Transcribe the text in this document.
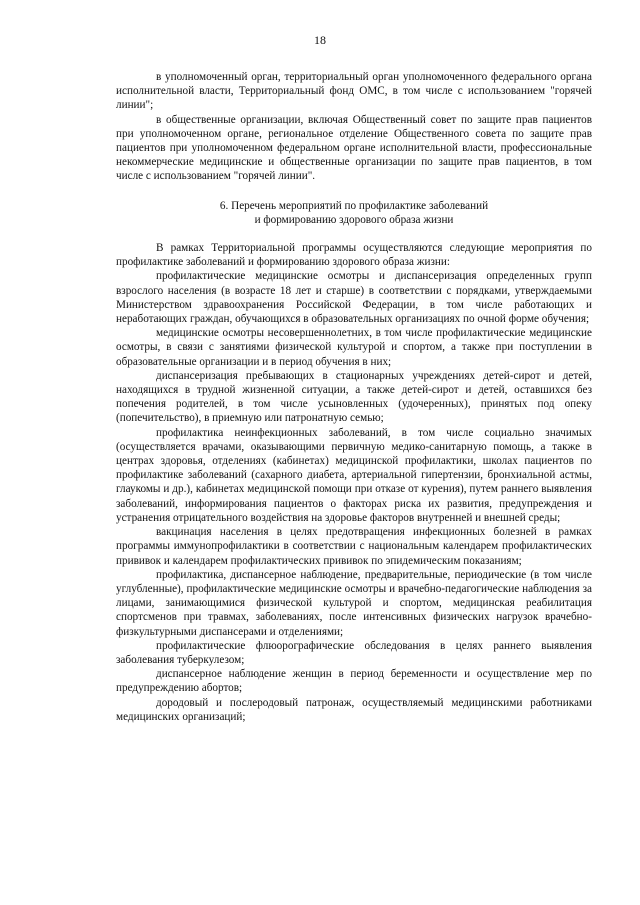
18

в уполномоченный орган, территориальный орган уполномоченного федерального органа исполнительной власти, Территориальный фонд ОМС, в том числе с использованием "горячей линии";

в общественные организации, включая Общественный совет по защите прав пациентов при уполномоченном органе, региональное отделение Общественного совета по защите прав пациентов при уполномоченном федеральном органе исполнительной власти, профессиональные некоммерческие медицинские и общественные организации по защите прав пациентов, в том числе с использованием "горячей линии".

6. Перечень мероприятий по профилактике заболеваний
и формированию здорового образа жизни

В рамках Территориальной программы осуществляются следующие мероприятия по профилактике заболеваний и формированию здорового образа жизни:

профилактические медицинские осмотры и диспансеризация определенных групп взрослого населения (в возрасте 18 лет и старше) в соответствии с порядками, утверждаемыми Министерством здравоохранения Российской Федерации, в том числе работающих и неработающих граждан, обучающихся в образовательных организациях по очной форме обучения;

медицинские осмотры несовершеннолетних, в том числе профилактические медицинские осмотры, в связи с занятиями физической культурой и спортом, а также при поступлении в образовательные организации и в период обучения в них;

диспансеризация пребывающих в стационарных учреждениях детей-сирот и детей, находящихся в трудной жизненной ситуации, а также детей-сирот и детей, оставшихся без попечения родителей, в том числе усыновленных (удочеренных), принятых под опеку (попечительство), в приемную или патронатную семью;

профилактика неинфекционных заболеваний, в том числе социально значимых (осуществляется врачами, оказывающими первичную медико-санитарную помощь, а также в центрах здоровья, отделениях (кабинетах) медицинской профилактики, школах пациентов по профилактике заболеваний (сахарного диабета, артериальной гипертензии, бронхиальной астмы, глаукомы и др.), кабинетах медицинской помощи при отказе от курения), путем раннего выявления заболеваний, информирования пациентов о факторах риска их развития, предупреждения и устранения отрицательного воздействия на здоровье факторов внутренней и внешней среды;

вакцинация населения в целях предотвращения инфекционных болезней в рамках программы иммунопрофилактики в соответствии с национальным календарем профилактических прививок и календарем профилактических прививок по эпидемическим показаниям;

профилактика, диспансерное наблюдение, предварительные, периодические (в том числе углубленные), профилактические медицинские осмотры и врачебно-педагогические наблюдения за лицами, занимающимися физической культурой и спортом, медицинская реабилитация спортсменов при травмах, заболеваниях, после интенсивных физических нагрузок врачебно-физкультурными диспансерами и отделениями;

профилактические флюорографические обследования в целях раннего выявления заболевания туберкулезом;

диспансерное наблюдение женщин в период беременности и осуществление мер по предупреждению абортов;

дородовый и послеродовый патронаж, осуществляемый медицинскими работниками медицинских организаций;
